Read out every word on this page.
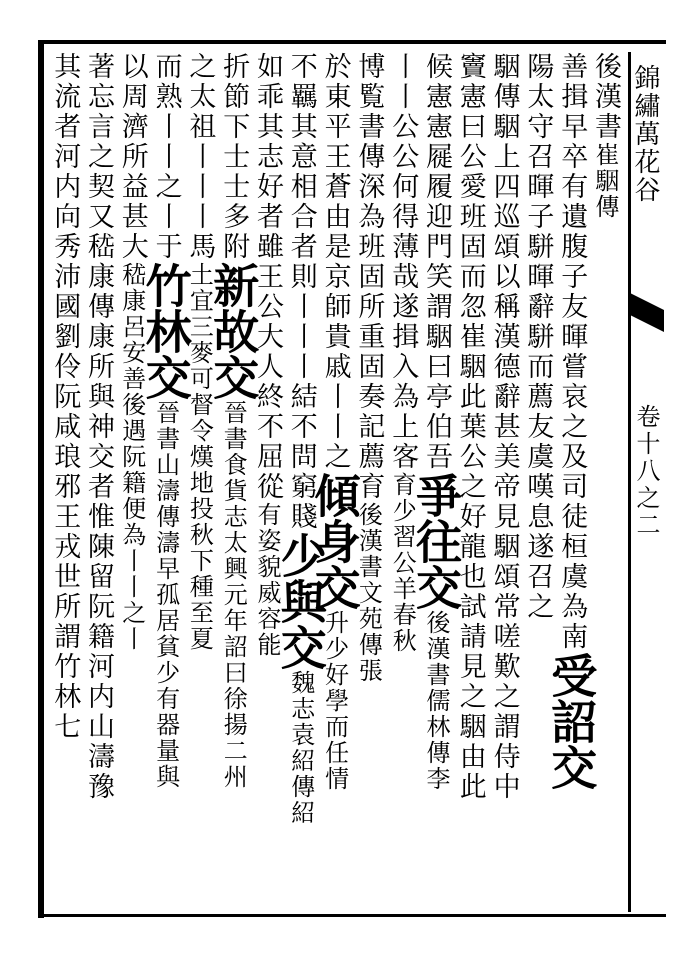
錦繡萬花谷
卷十八之二
後漢書崔駰傳
善揖早卒有遺腹子友暉嘗哀之及司徒桓虞為南受詔交
陽太守召暉子駢暉辭駢而薦友虞嘆息遂召之
駰傳駰上四巡頌以稱漢德辭甚美帝見駰頌常嗟歎之謂侍中
竇憲曰公愛班固而忽崔駰此葉公之好龍也試請見之駰由此
候憲憲屣履迎門笑謂駰曰亭伯吾爭往交後漢書儒林傳李
丨丨公公何得薄哉遂揖入為上客育少習公羊春秋
博覧書傳深為班固所重固奏記薦育後漢書文苑傳張
於東平王蒼由是京師貴戚丨丨之傾身交升少好學而任情
不羈其意相合者則丨丨丨結不問窮賤少與交魏志袁紹傳紹
如乖其志好者雖王公大人終不屈從有姿貌威容能
折節下士士多附新故交晉書食貨志太興元年詔曰徐揚二州
之太祖丨丨丨馬土宜三麥可督令熯地投秋下種至夏
而熟丨丨之丨于竹林交晉書山濤傳濤早孤居貧少有器量與
以周濟所益甚大嵇康呂安善後遇阮籍便為丨丨之丨
著忘言之契又嵇康傳康所與神交者惟陳留阮籍河内山濤豫
其流者河内向秀沛國劉伶阮咸琅邪王戎世所謂竹林七
